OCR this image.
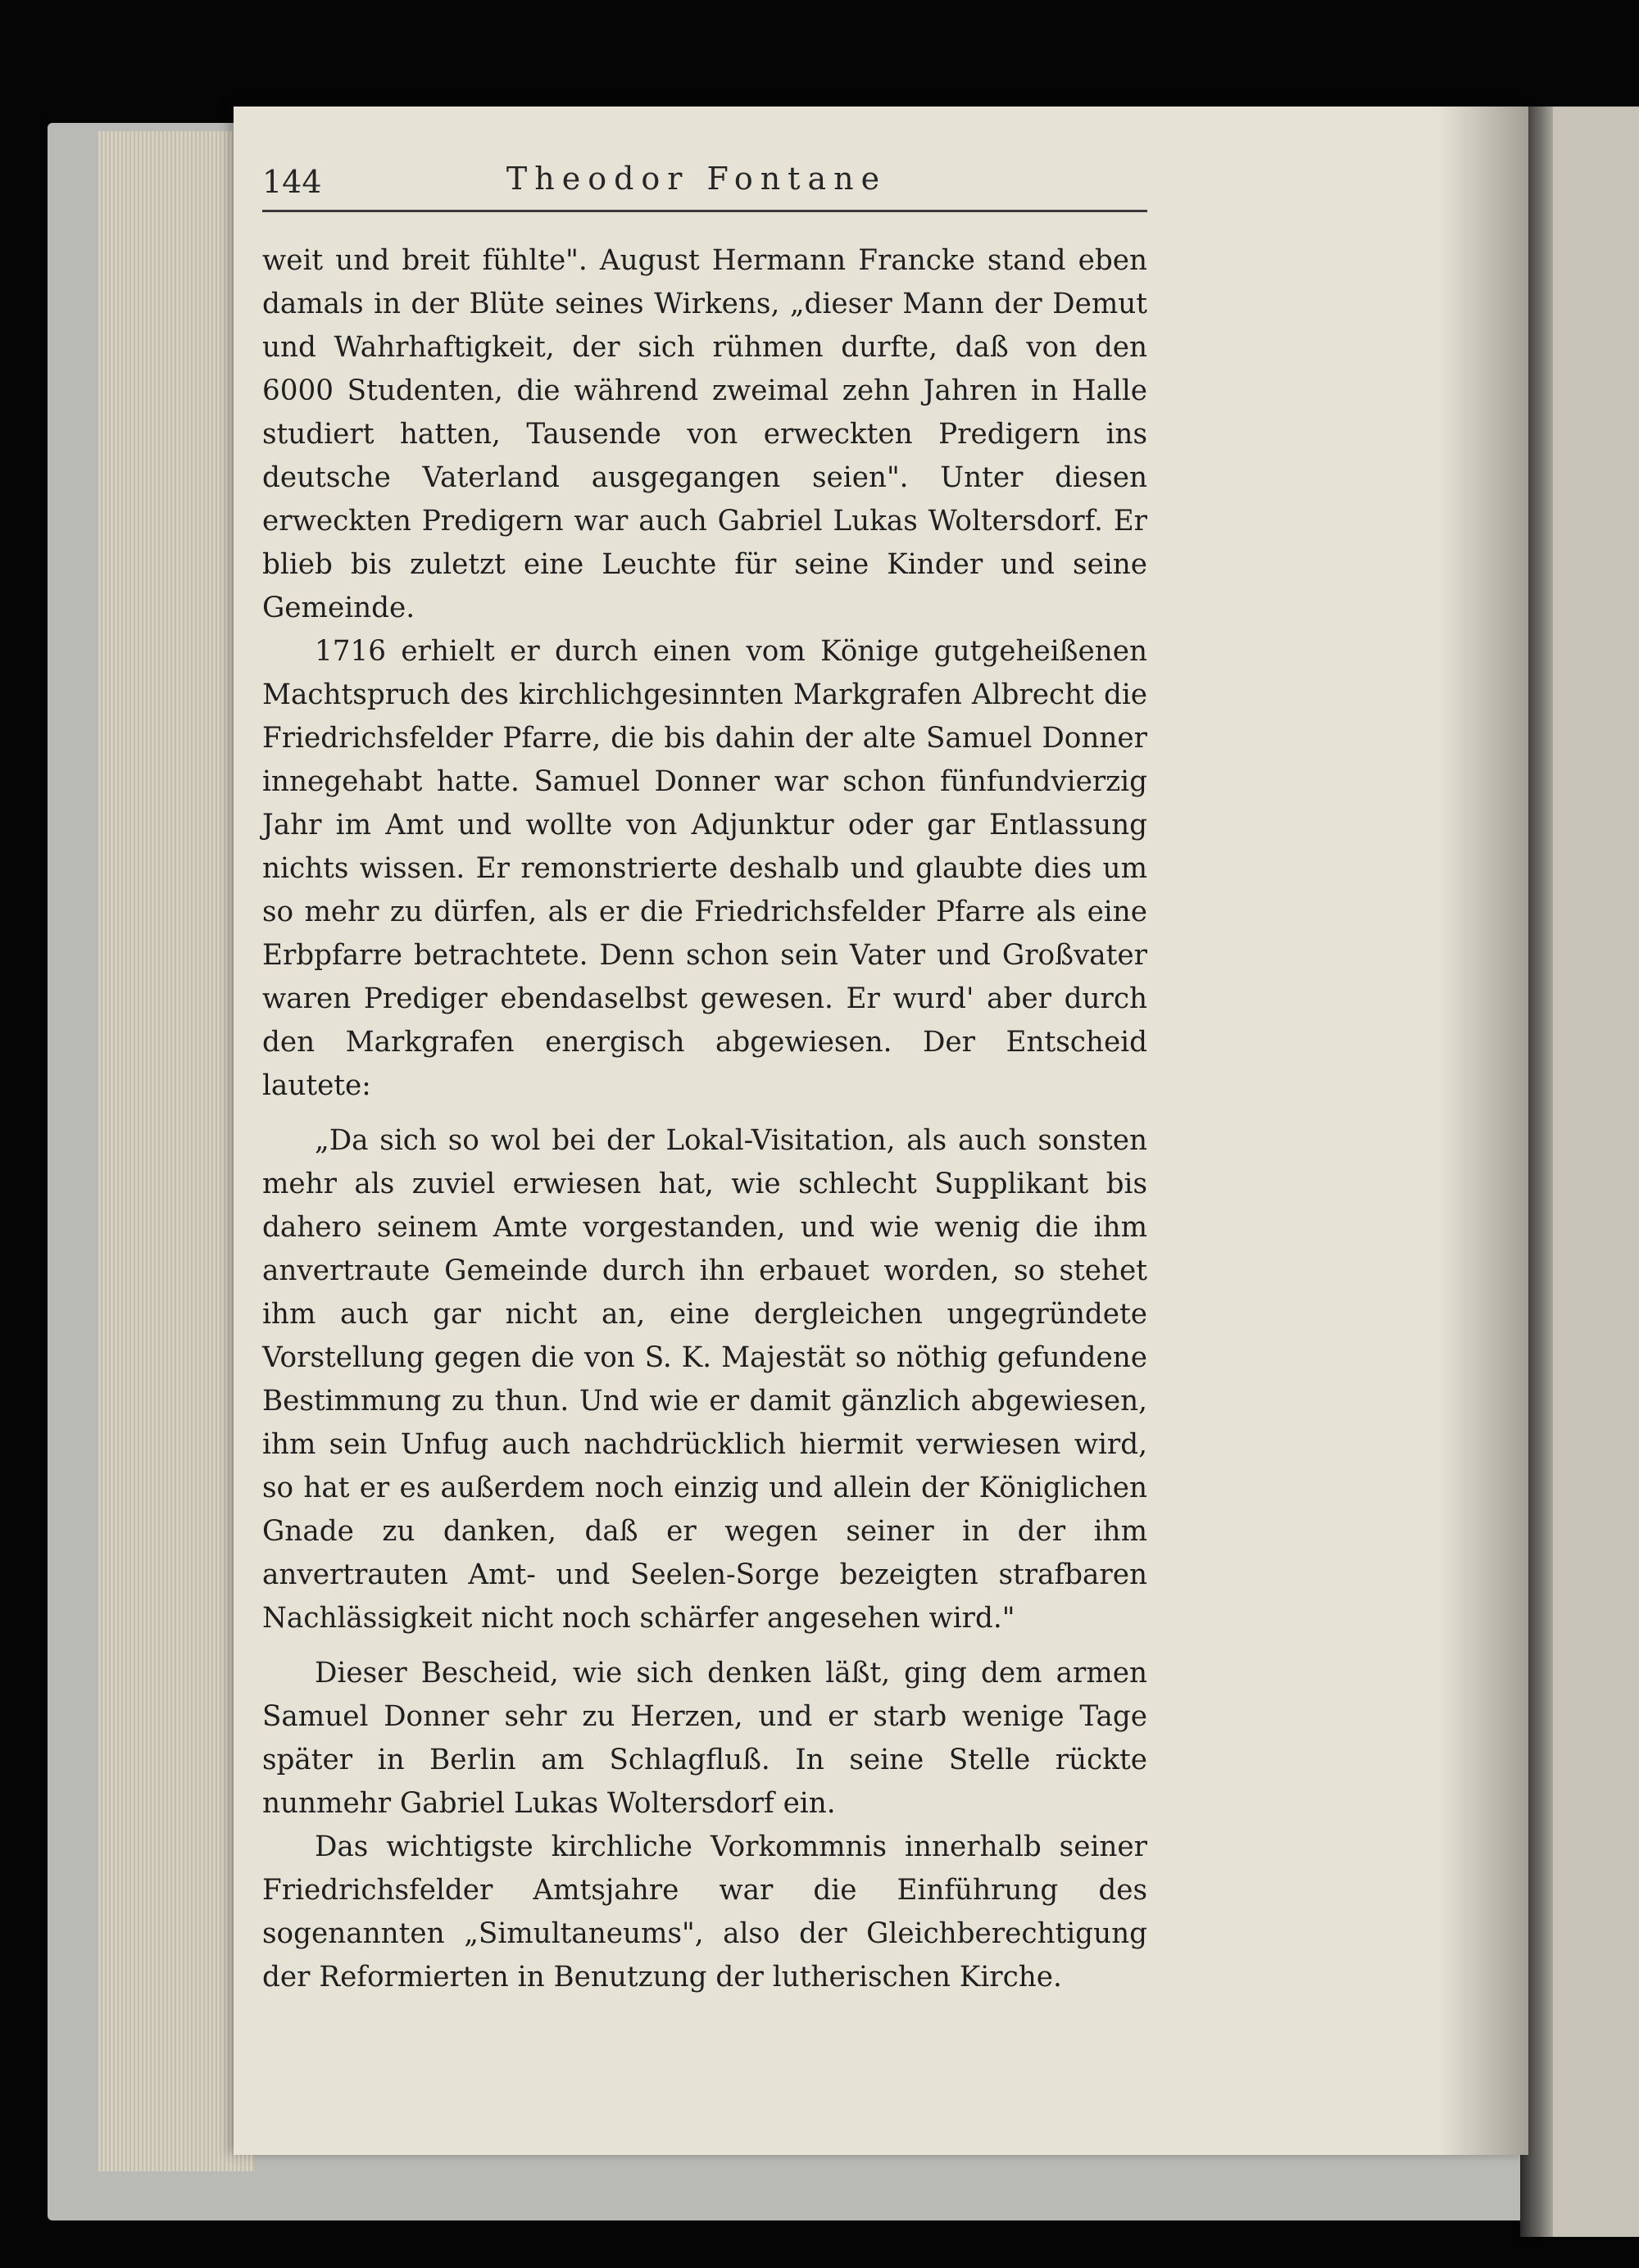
144	Theodor Fontane

weit und breit fühlte". August Hermann Francke stand eben damals in der Blüte seines Wirkens, „dieser Mann der Demut und Wahrhaftigkeit, der sich rühmen durfte, daß von den 6000 Studenten, die während zweimal zehn Jahren in Halle studiert hatten, Tausende von erweckten Predigern ins deutsche Vaterland ausgegangen seien". Unter diesen erweckten Predigern war auch Gabriel Lukas Woltersdorf. Er blieb bis zuletzt eine Leuchte für seine Kinder und seine Gemeinde.

1716 erhielt er durch einen vom Könige gutgeheißenen Machtspruch des kirchlichgesinnten Markgrafen Albrecht die Friedrichsfelder Pfarre, die bis dahin der alte Samuel Donner innegehabt hatte. Samuel Donner war schon fünfundvierzig Jahr im Amt und wollte von Adjunktur oder gar Entlassung nichts wissen. Er remonstrierte deshalb und glaubte dies um so mehr zu dürfen, als er die Friedrichsfelder Pfarre als eine Erbpfarre betrachtete. Denn schon sein Vater und Großvater waren Prediger ebendaselbst gewesen. Er wurd' aber durch den Markgrafen energisch abgewiesen. Der Entscheid lautete:

„Da sich so wol bei der Lokal-Visitation, als auch sonsten mehr als zuviel erwiesen hat, wie schlecht Supplikant bis dahero seinem Amte vorgestanden, und wie wenig die ihm anvertraute Gemeinde durch ihn erbauet worden, so stehet ihm auch gar nicht an, eine dergleichen ungegründete Vorstellung gegen die von S. K. Majestät so nöthig gefundene Bestimmung zu thun. Und wie er damit gänzlich abgewiesen, ihm sein Unfug auch nachdrücklich hiermit verwiesen wird, so hat er es außerdem noch einzig und allein der Königlichen Gnade zu danken, daß er wegen seiner in der ihm anvertrauten Amt- und Seelen-Sorge bezeigten strafbaren Nachlässigkeit nicht noch schärfer angesehen wird."

Dieser Bescheid, wie sich denken läßt, ging dem armen Samuel Donner sehr zu Herzen, und er starb wenige Tage später in Berlin am Schlagfluß. In seine Stelle rückte nunmehr Gabriel Lukas Woltersdorf ein.

Das wichtigste kirchliche Vorkommnis innerhalb seiner Friedrichsfelder Amtsjahre war die Einführung des sogenannten „Simultaneums", also der Gleichberechtigung der Reformierten in Benutzung der lutherischen Kirche.
